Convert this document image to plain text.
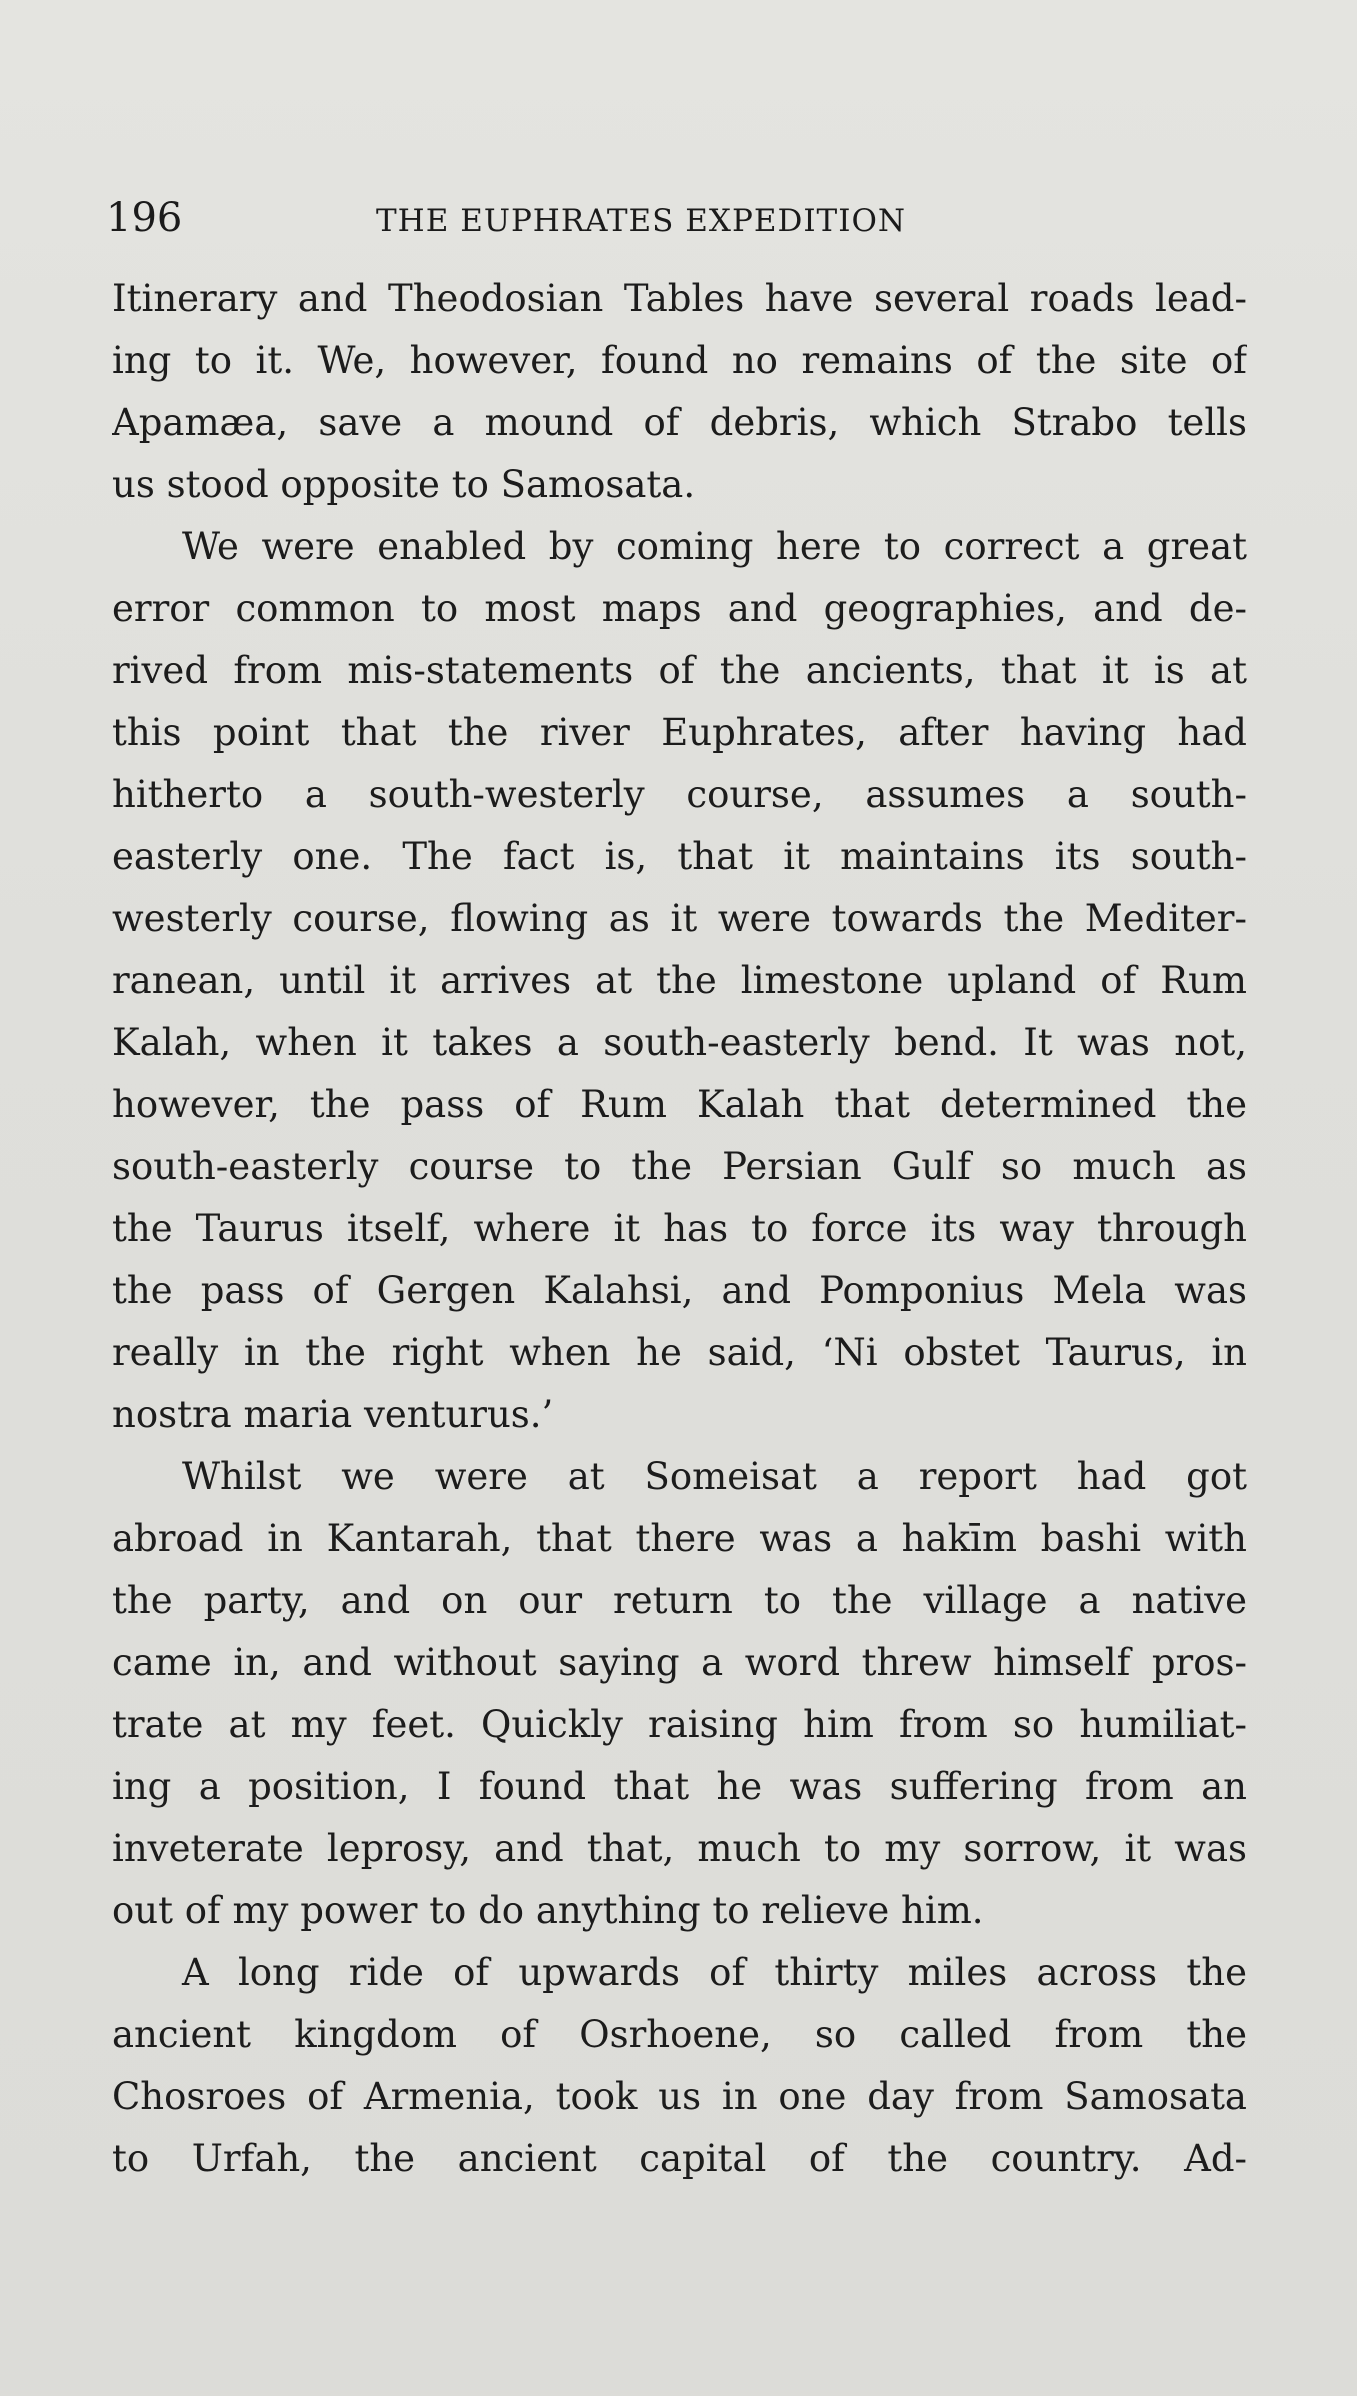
196	THE EUPHRATES EXPEDITION
Itinerary and Theodosian Tables have several roads lead-
ing to it. We, however, found no remains of the site of
Apamæa, save a mound of debris, which Strabo tells
us stood opposite to Samosata.
We were enabled by coming here to correct a great
error common to most maps and geographies, and de-
rived from mis-statements of the ancients, that it is at
this point that the river Euphrates, after having had
hitherto a south-westerly course, assumes a south-
easterly one. The fact is, that it maintains its south-
westerly course, flowing as it were towards the Mediter-
ranean, until it arrives at the limestone upland of Rum
Kalah, when it takes a south-easterly bend. It was not,
however, the pass of Rum Kalah that determined the
south-easterly course to the Persian Gulf so much as
the Taurus itself, where it has to force its way through
the pass of Gergen Kalahsi, and Pomponius Mela was
really in the right when he said, ‘Ni obstet Taurus, in
nostra maria venturus.’
Whilst we were at Someisat a report had got
abroad in Kantarah, that there was a hakīm bashi with
the party, and on our return to the village a native
came in, and without saying a word threw himself pros-
trate at my feet. Quickly raising him from so humiliat-
ing a position, I found that he was suffering from an
inveterate leprosy, and that, much to my sorrow, it was
out of my power to do anything to relieve him.
A long ride of upwards of thirty miles across the
ancient kingdom of Osrhoene, so called from the
Chosroes of Armenia, took us in one day from Samosata
to Urfah, the ancient capital of the country. Ad-
